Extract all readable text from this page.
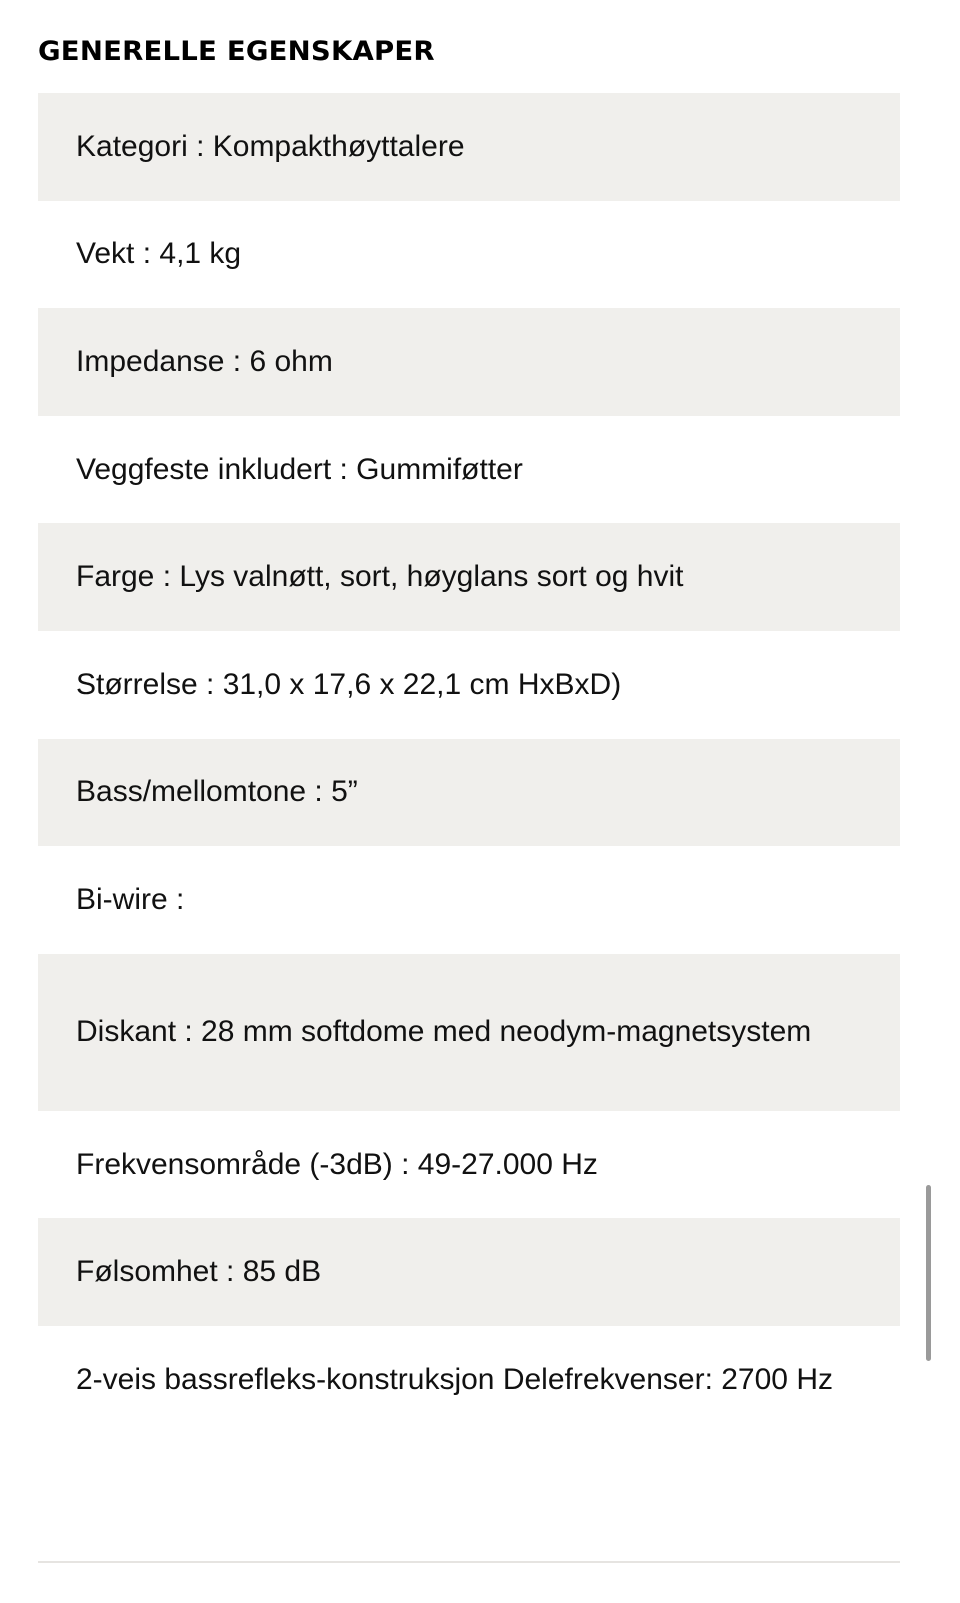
GENERELLE EGENSKAPER
Kategori : Kompakthøyttalere
Vekt : 4,1 kg
Impedanse : 6 ohm
Veggfeste inkludert : Gummiføtter
Farge : Lys valnøtt, sort, høyglans sort og hvit
Størrelse : 31,0 x 17,6 x 22,1 cm HxBxD)
Bass/mellomtone : 5”
Bi-wire :
Diskant : 28 mm softdome med neodym-magnetsystem
Frekvensområde (-3dB) : 49-27.000 Hz
Følsomhet : 85 dB
2-veis bassrefleks-konstruksjon Delefrekvenser: 2700 Hz
